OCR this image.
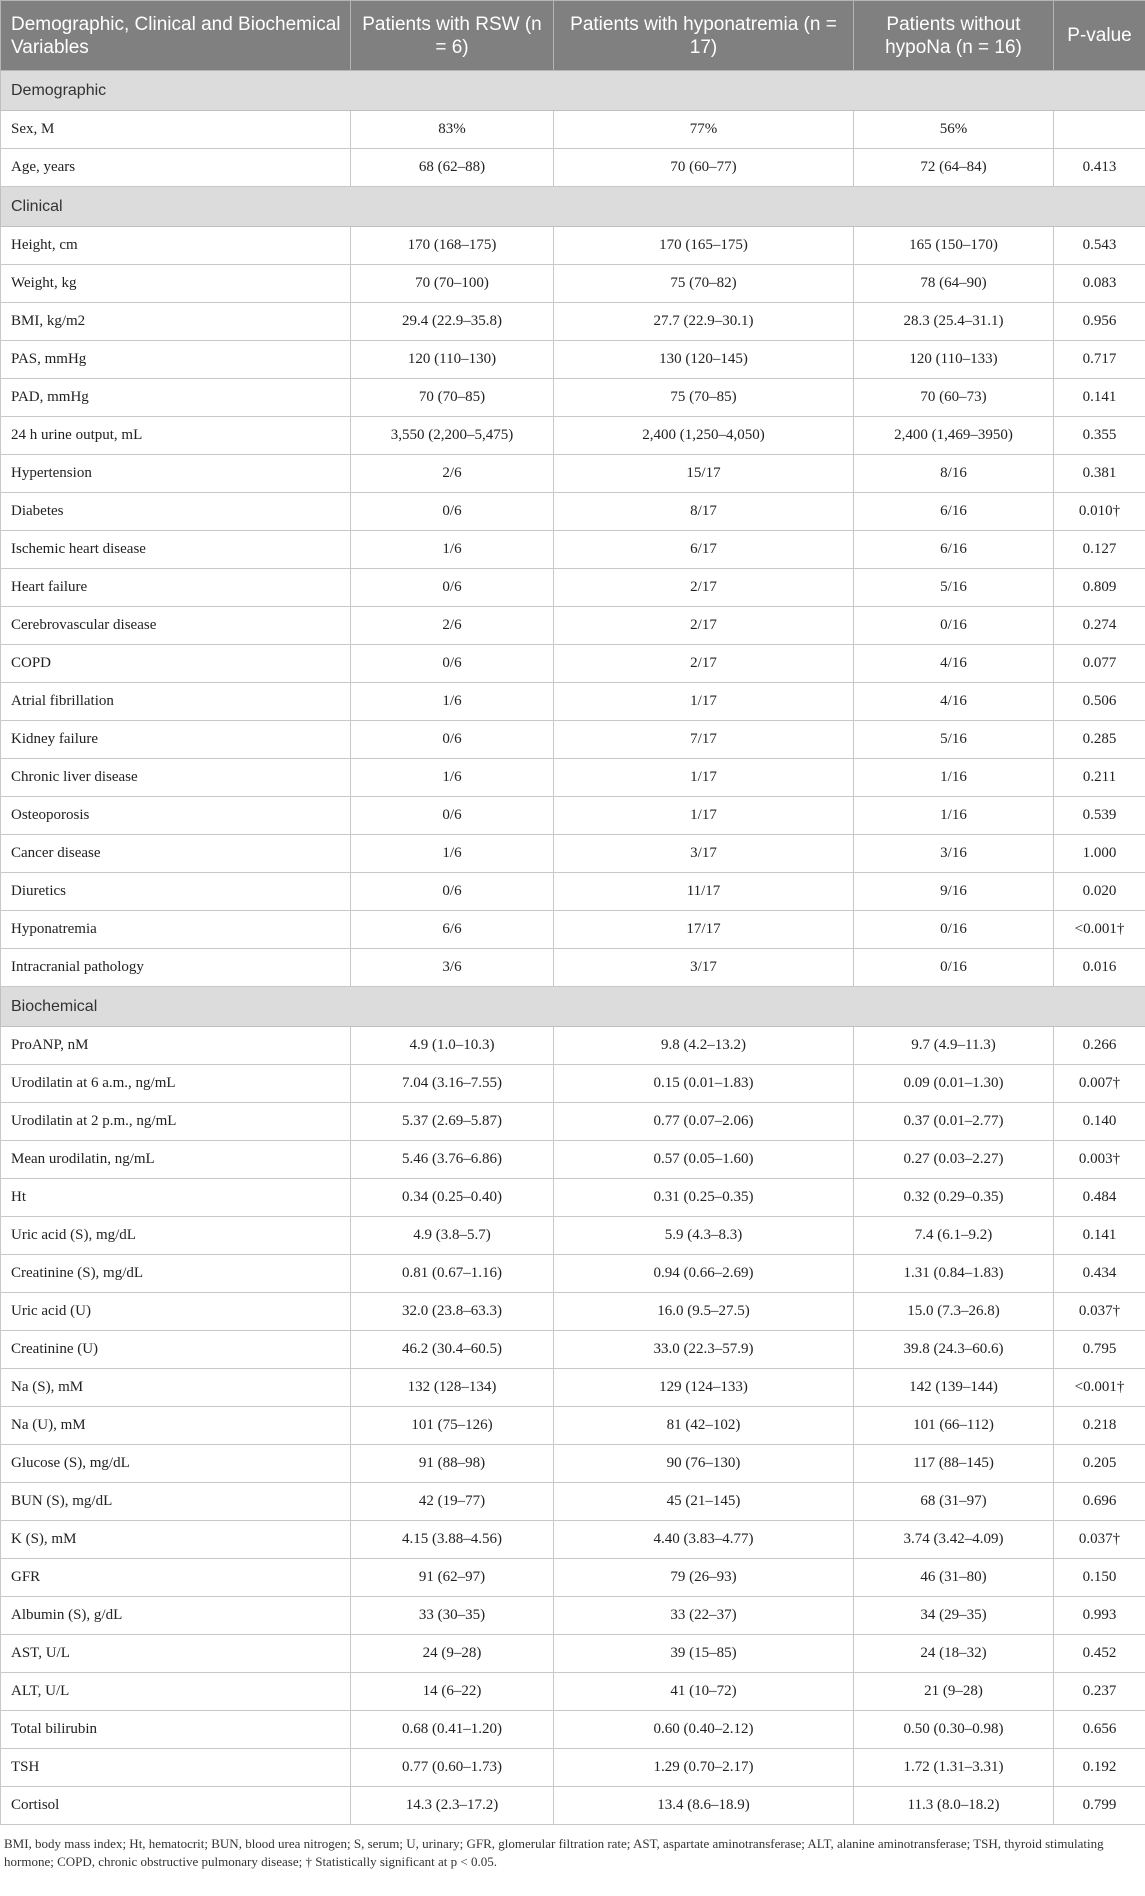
Demographic, Clinical and Biochemical Variables	Patients with RSW (n = 6)	Patients with hyponatremia (n = 17)	Patients without hypoNa (n = 16)	P-value
Demographic				
Sex, M	83%	77%	56%	
Age, years	68 (62–88)	70 (60–77)	72 (64–84)	0.413
Clinical				
Height, cm	170 (168–175)	170 (165–175)	165 (150–170)	0.543
Weight, kg	70 (70–100)	75 (70–82)	78 (64–90)	0.083
BMI, kg/m2	29.4 (22.9–35.8)	27.7 (22.9–30.1)	28.3 (25.4–31.1)	0.956
PAS, mmHg	120 (110–130)	130 (120–145)	120 (110–133)	0.717
PAD, mmHg	70 (70–85)	75 (70–85)	70 (60–73)	0.141
24 h urine output, mL	3,550 (2,200–5,475)	2,400 (1,250–4,050)	2,400 (1,469–3950)	0.355
Hypertension	2/6	15/17	8/16	0.381
Diabetes	0/6	8/17	6/16	0.010†
Ischemic heart disease	1/6	6/17	6/16	0.127
Heart failure	0/6	2/17	5/16	0.809
Cerebrovascular disease	2/6	2/17	0/16	0.274
COPD	0/6	2/17	4/16	0.077
Atrial fibrillation	1/6	1/17	4/16	0.506
Kidney failure	0/6	7/17	5/16	0.285
Chronic liver disease	1/6	1/17	1/16	0.211
Osteoporosis	0/6	1/17	1/16	0.539
Cancer disease	1/6	3/17	3/16	1.000
Diuretics	0/6	11/17	9/16	0.020
Hyponatremia	6/6	17/17	0/16	<0.001†
Intracranial pathology	3/6	3/17	0/16	0.016
Biochemical				
ProANP, nM	4.9 (1.0–10.3)	9.8 (4.2–13.2)	9.7 (4.9–11.3)	0.266
Urodilatin at 6 a.m., ng/mL	7.04 (3.16–7.55)	0.15 (0.01–1.83)	0.09 (0.01–1.30)	0.007†
Urodilatin at 2 p.m., ng/mL	5.37 (2.69–5.87)	0.77 (0.07–2.06)	0.37 (0.01–2.77)	0.140
Mean urodilatin, ng/mL	5.46 (3.76–6.86)	0.57 (0.05–1.60)	0.27 (0.03–2.27)	0.003†
Ht	0.34 (0.25–0.40)	0.31 (0.25–0.35)	0.32 (0.29–0.35)	0.484
Uric acid (S), mg/dL	4.9 (3.8–5.7)	5.9 (4.3–8.3)	7.4 (6.1–9.2)	0.141
Creatinine (S), mg/dL	0.81 (0.67–1.16)	0.94 (0.66–2.69)	1.31 (0.84–1.83)	0.434
Uric acid (U)	32.0 (23.8–63.3)	16.0 (9.5–27.5)	15.0 (7.3–26.8)	0.037†
Creatinine (U)	46.2 (30.4–60.5)	33.0 (22.3–57.9)	39.8 (24.3–60.6)	0.795
Na (S), mM	132 (128–134)	129 (124–133)	142 (139–144)	<0.001†
Na (U), mM	101 (75–126)	81 (42–102)	101 (66–112)	0.218
Glucose (S), mg/dL	91 (88–98)	90 (76–130)	117 (88–145)	0.205
BUN (S), mg/dL	42 (19–77)	45 (21–145)	68 (31–97)	0.696
K (S), mM	4.15 (3.88–4.56)	4.40 (3.83–4.77)	3.74 (3.42–4.09)	0.037†
GFR	91 (62–97)	79 (26–93)	46 (31–80)	0.150
Albumin (S), g/dL	33 (30–35)	33 (22–37)	34 (29–35)	0.993
AST, U/L	24 (9–28)	39 (15–85)	24 (18–32)	0.452
ALT, U/L	14 (6–22)	41 (10–72)	21 (9–28)	0.237
Total bilirubin	0.68 (0.41–1.20)	0.60 (0.40–2.12)	0.50 (0.30–0.98)	0.656
TSH	0.77 (0.60–1.73)	1.29 (0.70–2.17)	1.72 (1.31–3.31)	0.192
Cortisol	14.3 (2.3–17.2)	13.4 (8.6–18.9)	11.3 (8.0–18.2)	0.799
BMI, body mass index; Ht, hematocrit; BUN, blood urea nitrogen; S, serum; U, urinary; GFR, glomerular filtration rate; AST, aspartate aminotransferase; ALT, alanine aminotransferase; TSH, thyroid stimulating hormone; COPD, chronic obstructive pulmonary disease; † Statistically significant at p < 0.05.
